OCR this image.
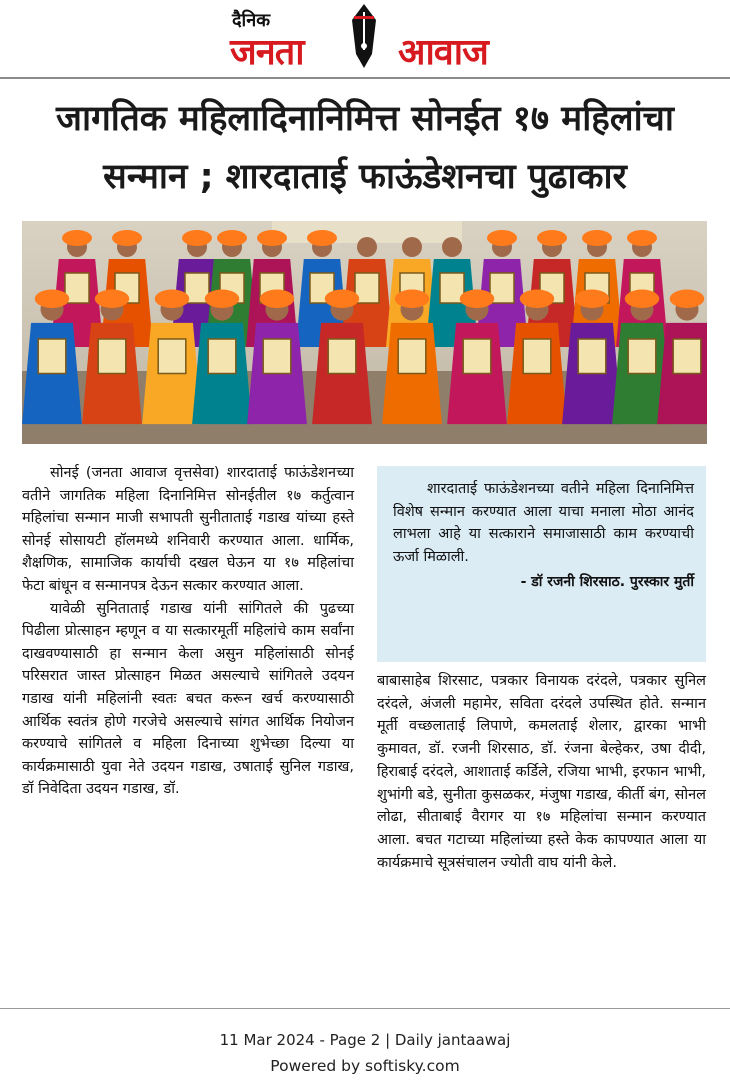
दैनिक
जनता	आवाज
जागतिक महिलादिनानिमित्त सोनईत १७ महिलांचा
सन्मान ; शारदाताई फाऊंडेशनचा पुढाकार

सोनई (जनता आवाज वृत्तसेवा) शारदाताई फाऊंडेशनच्या वतीने जागतिक महिला दिनानिमित्त सोनईतील १७ कर्तुत्वान महिलांचा सन्मान माजी सभापती सुनीताताई गडाख यांच्या हस्ते सोनई सोसायटी हॉलमध्ये शनिवारी करण्यात आला. धार्मिक, शैक्षणिक, सामाजिक कार्याची दखल घेऊन या १७ महिलांचा फेटा बांधून व सन्मानपत्र देऊन सत्कार करण्यात आला.

यावेळी सुनिताताई गडाख यांनी सांगितले की पुढच्या पिढीला प्रोत्साहन म्हणून व या सत्कारमूर्ती महिलांचे काम सर्वांना दाखवण्यासाठी हा सन्मान केला असुन महिलांसाठी सोनई परिसरात जास्त प्रोत्साहन मिळत असल्याचे सांगितले उदयन गडाख यांनी महिलांनी स्वतः बचत करून खर्च करण्यासाठी आर्थिक स्वतंत्र होणे गरजेचे असल्याचे सांगत आर्थिक नियोजन करण्याचे सांगितले व महिला दिनाच्या शुभेच्छा दिल्या या कार्यक्रमासाठी युवा नेते उदयन गडाख, उषाताई सुनिल गडाख, डॉ निवेदिता उदयन गडाख, डॉ.

शारदाताई फाऊंडेशनच्या वतीने महिला दिनानिमित्त विशेष सन्मान करण्यात आला याचा मनाला मोठा आनंद लाभला आहे या सत्काराने समाजासाठी काम करण्याची ऊर्जा मिळाली.
- डॉ रजनी शिरसाठ. पुरस्कार मुर्ती

बाबासाहेब शिरसाट, पत्रकार विनायक दरंदले, पत्रकार सुनिल दरंदले, अंजली महामेर, सविता दरंदले उपस्थित होते. सन्मान मूर्ती वच्छलाताई लिपाणे, कमलताई शेलार, द्वारका भाभी कुमावत, डॉ. रजनी शिरसाठ, डॉ. रंजना बेल्हेकर, उषा दीदी, हिराबाई दरंदले, आशाताई कर्डिले, रजिया भाभी, इरफान भाभी, शुभांगी बडे, सुनीता कुसळकर, मंजुषा गडाख, कीर्ती बंग, सोनल लोढा, सीताबाई वैरागर या १७ महिलांचा सन्मान करण्यात आला. बचत गटाच्या महिलांच्या हस्ते केक कापण्यात आला या कार्यक्रमाचे सूत्रसंचालन ज्योती वाघ यांनी केले.

11 Mar 2024 - Page 2 | Daily jantaawaj
Powered by softisky.com
